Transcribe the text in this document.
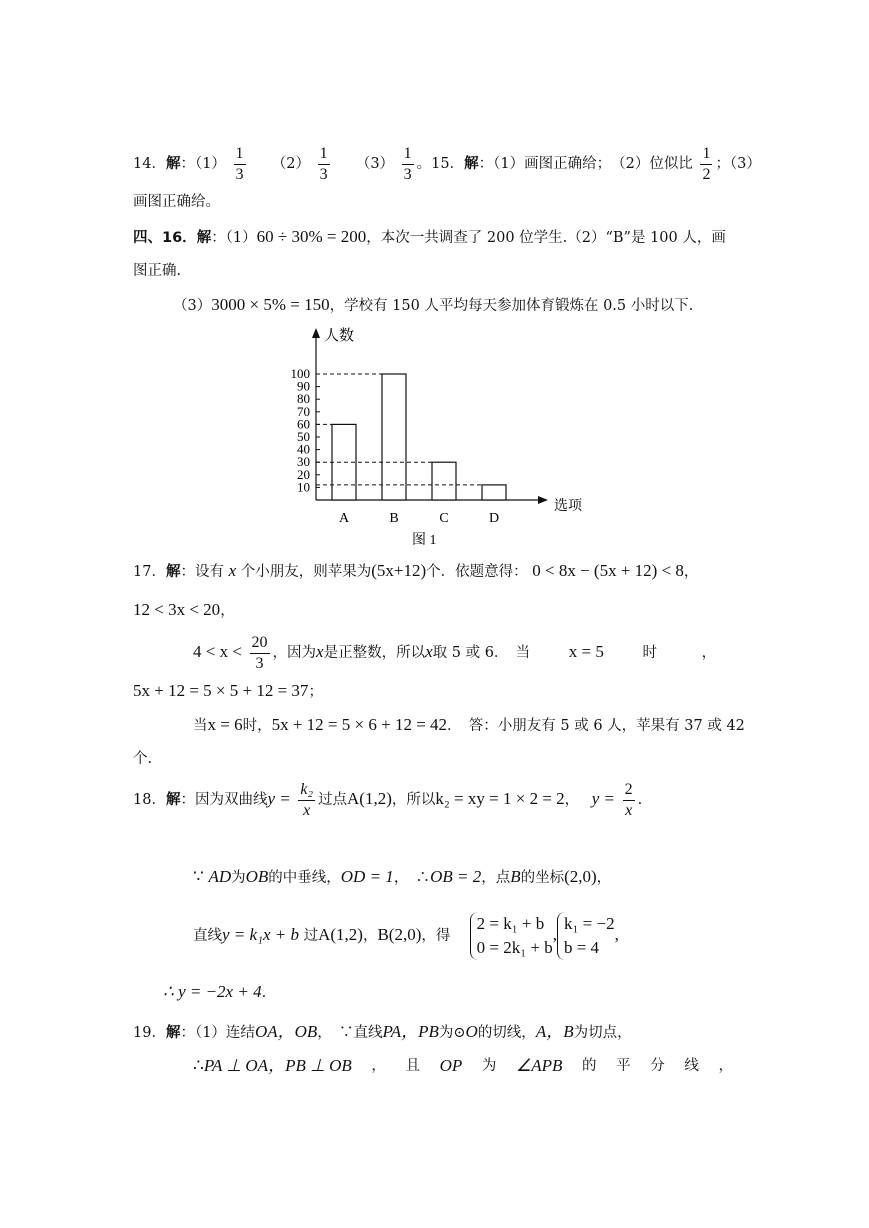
14．解：$(1) \frac{1}{3} (2) \frac{1}{3} (3) \frac{1}{3}$ 。15．解：（1）画图正确给；　（2）位似比 $\frac{1}{2}$ ；（3）
画图正确给。
四、16．解：（1）60 ÷ 30% = 200，本次一共调查了 200 位学生.（2）“B”是 100 人，画
图正确.
（3）3000 × 5% = 150，学校有 150 人平均每天参加体育锻炼在 0.5 小时以下.
人数
选项
图 1
10
20
30
40
50
60
70
80
90
100
A	B	C	D
17．解：设有 x 个小朋友，则苹果为(5x+12)个．依题意得： 0 < 8x − (5x + 12) < 8，
12 < 3x < 20，
$4 < x < \frac{20}{3}$ ，因为x是正整数，所以x取 5 或 6．　当 x = 5	时	，
5x + 12 = 5 × 5 + 12 = 37；
当x = 6时，5x + 12 = 5 × 6 + 12 = 42．　答：小朋友有 5 或 6 人，苹果有 37 或 42
个.
18．解：因为双曲线$y = \frac{\text{k₂}}{x}$ 过点A(1,2)，所以k₂ = xy = 1 × 2 = 2， $y = \frac{2}{x}$ .
∵ AD为OB的中垂线，OD = 1，　∴OB = 2，点B的坐标(2,0)，
直线y = k₁x + b 过A(1,2)，B(2,0)，得
2 = k₁ + b
0 = 2k₁ + b
,
k₁ = −2
b = 4
,
∴ y = −2x + 4.
19．解：（1）连结OA，OB，　∵直线PA，PB为⊙O的切线，A，B为切点，
∴PA ⊥ OA，PB ⊥ OB ， 且 OP 为 ∠APB 的 平 分 线 ，
